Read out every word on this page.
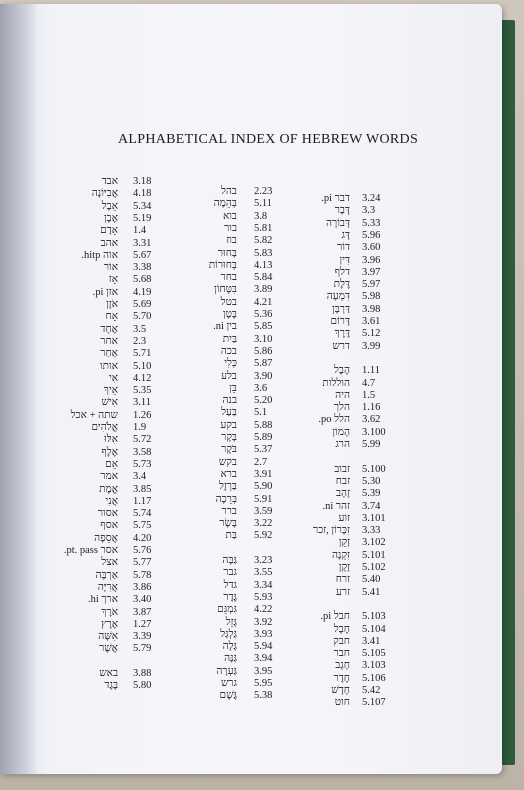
ALPHABETICAL INDEX OF HEBREW WORDS
אבד 3.18
אֲבִיּוֹנָה 4.18
אֵבֶל 5.34
אֶבֶן 5.19
אָדָם 1.4
אהב 3.31
אוה hitp. 5.67
אוֹר 3.38
אָז 5.68
אזן pi. 4.19
אֹזֶן 5.69
אָח 5.70
אֶחָד 3.5
אחר 2.3
אַחַר 5.71
אותו 5.10
אִי 4.12
אֵיךְ 5.35
אִישׁ 3.11
שתה + אכל 1.26
אֱלֹהִים 1.9
אִלּוּ 5.72
אֶלֶף 3.58
אֵם 5.73
אמר 3.4
אֱמֶת 3.85
אֲנִי 1.17
אסור 5.74
אסף 5.75
אֲסֵפָה 4.20
אסר pt. pass. 5.76
אצל 5.77
אַרְבֶּה 5.78
אֲרִיָּה 3.86
ארך hi. 3.40
אֹרֶךְ 3.87
אֶרֶץ 1.27
אִשָּׁה 3.39
אֲשֶׁר 5.79
באש 3.88
בֶּגֶד 5.80
בהל 2.23
בְּהֵמָה 5.11
בוא 3.8
בור 5.81
בוז 5.82
בָּחוּר 5.83
בְּחוּרוֹת 4.13
בחר 5.84
בִּטָּחוֹן 3.89
בטל 4.21
בֶּטֶן 5.36
בין ni. 5.85
בַּיִת 3.10
בכה 5.86
כְּלִי 5.87
בלע 3.90
בֵּן 3.6
בנה 5.20
בַּעַל 5.1
בקע 5.88
בָּקָר 5.89
בֹּקֶר 5.37
בקש 2.7
ברא 3.91
בַּרְזֶל 5.90
בְּרֵכָה 5.91
ברר 3.59
בָּשָׂר 3.22
בַּת 5.92
גַּבָּה 3.23
גבר 3.55
גדל 3.34
גֶּדֶר 5.93
גִּמְגֵּם 4.22
גָּזֵל 3.92
גַּלְגַּל 3.93
גָּלָה 5.94
גַּנָּה 3.94
גַּעְרָה 3.95
גרש 5.95
גֶּשֶׁם 5.38
דבר pi. 3.24
דָּבָר 3.3
דְּבוֹרָה 5.33
דָּג 5.96
דוֹר 3.60
דִּין 3.96
דלף 3.97
דֶּלֶת 5.97
דִּמְעָה 5.98
דַּרְבָּן 3.98
דָּרוֹם 3.61
דֶּרֶךְ 5.12
דרש 3.99
הֶבֶל 1.11
הוללות 4.7
היה 1.5
הלך 1.16
הלל po. 3.62
הָמוֹן 3.100
הרג 5.99
זבוב 5.100
זבח 5.30
זָהָב 5.39
זהר ni. 3.74
זוע 3.101
זִכָּרוֹן ,זכר 3.33
זָקֵן 3.102
זִקְנָה 5.101
זָקָן 5.102
זרח 5.40
זרע 5.41
חבל pi. 5.103
חֶבֶל 5.104
חבק 3.41
חבר 5.105
חָגָב 3.103
חֶדֶר 5.106
חָדָשׁ 5.42
חוט 5.107
